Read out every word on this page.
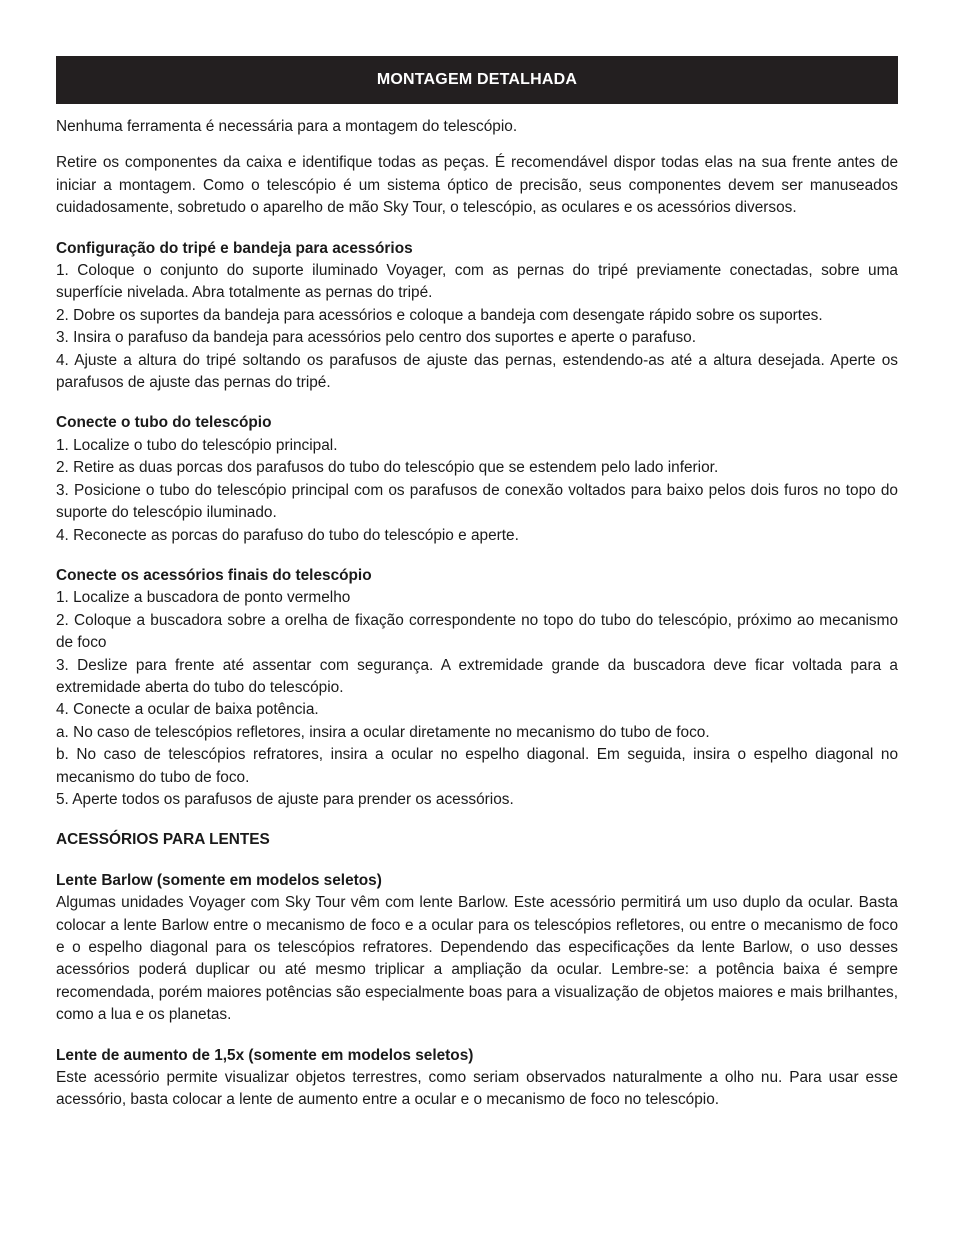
MONTAGEM DETALHADA

Nenhuma ferramenta é necessária para a montagem do telescópio.

Retire os componentes da caixa e identifique todas as peças. É recomendável dispor todas elas na sua frente antes de iniciar a montagem. Como o telescópio é um sistema óptico de precisão, seus componentes devem ser manuseados cuidadosamente, sobretudo o aparelho de mão Sky Tour, o telescópio, as oculares e os acessórios diversos.

Configuração do tripé e bandeja para acessórios

1. Coloque o conjunto do suporte iluminado Voyager, com as pernas do tripé previamente conectadas, sobre uma superfície nivelada. Abra totalmente as pernas do tripé.

2. Dobre os suportes da bandeja para acessórios e coloque a bandeja com desengate rápido sobre os suportes.

3. Insira o parafuso da bandeja para acessórios pelo centro dos suportes e aperte o parafuso.

4. Ajuste a altura do tripé soltando os parafusos de ajuste das pernas, estendendo-as até a altura desejada. Aperte os parafusos de ajuste das pernas do tripé.

Conecte o tubo do telescópio

1. Localize o tubo do telescópio principal.

2. Retire as duas porcas dos parafusos do tubo do telescópio que se estendem pelo lado inferior.

3. Posicione o tubo do telescópio principal com os parafusos de conexão voltados para baixo pelos dois furos no topo do suporte do telescópio iluminado.

4. Reconecte as porcas do parafuso do tubo do telescópio e aperte.

Conecte os acessórios finais do telescópio

1. Localize a buscadora de ponto vermelho

2. Coloque a buscadora sobre a orelha de fixação correspondente no topo do tubo do telescópio, próximo ao mecanismo de foco

3. Deslize para frente até assentar com segurança. A extremidade grande da buscadora deve ficar voltada para a extremidade aberta do tubo do telescópio.

4. Conecte a ocular de baixa potência.

a. No caso de telescópios refletores, insira a ocular diretamente no mecanismo do tubo de foco.

b. No caso de telescópios refratores, insira a ocular no espelho diagonal. Em seguida, insira o espelho diagonal no mecanismo do tubo de foco.

5. Aperte todos os parafusos de ajuste para prender os acessórios.

ACESSÓRIOS PARA LENTES
Lente Barlow (somente em modelos seletos)

Algumas unidades Voyager com Sky Tour vêm com lente Barlow. Este acessório permitirá um uso duplo da ocular. Basta colocar a lente Barlow entre o mecanismo de foco e a ocular para os telescópios refletores, ou entre o mecanismo de foco e o espelho diagonal para os telescópios refratores. Dependendo das especificações da lente Barlow, o uso desses acessórios poderá duplicar ou até mesmo triplicar a ampliação da ocular. Lembre-se: a potência baixa é sempre recomendada, porém maiores potências são especialmente boas para a visualização de objetos maiores e mais brilhantes, como a lua e os planetas.

Lente de aumento de 1,5x (somente em modelos seletos)

Este acessório permite visualizar objetos terrestres, como seriam observados naturalmente a olho nu. Para usar esse acessório, basta colocar a lente de aumento entre a ocular e o mecanismo de foco no telescópio.
